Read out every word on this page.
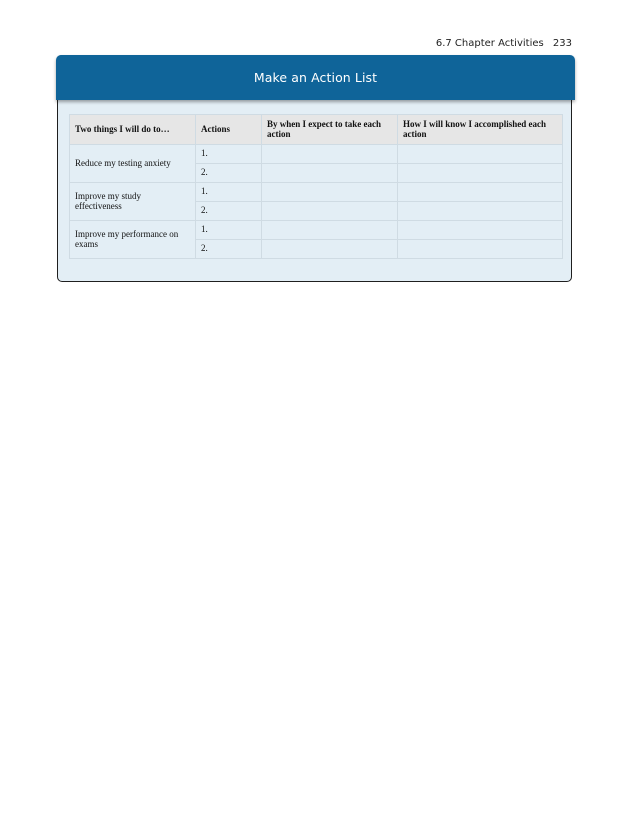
6.7 Chapter Activities 233
Make an Action List
Two things I will do to…	Actions	By when I expect to take each action	How I will know I accomplished each action
Reduce my testing anxiety	1.		
	2.		
Improve my study effectiveness	1.		
	2.		
Improve my performance on exams	1.		
	2.		
